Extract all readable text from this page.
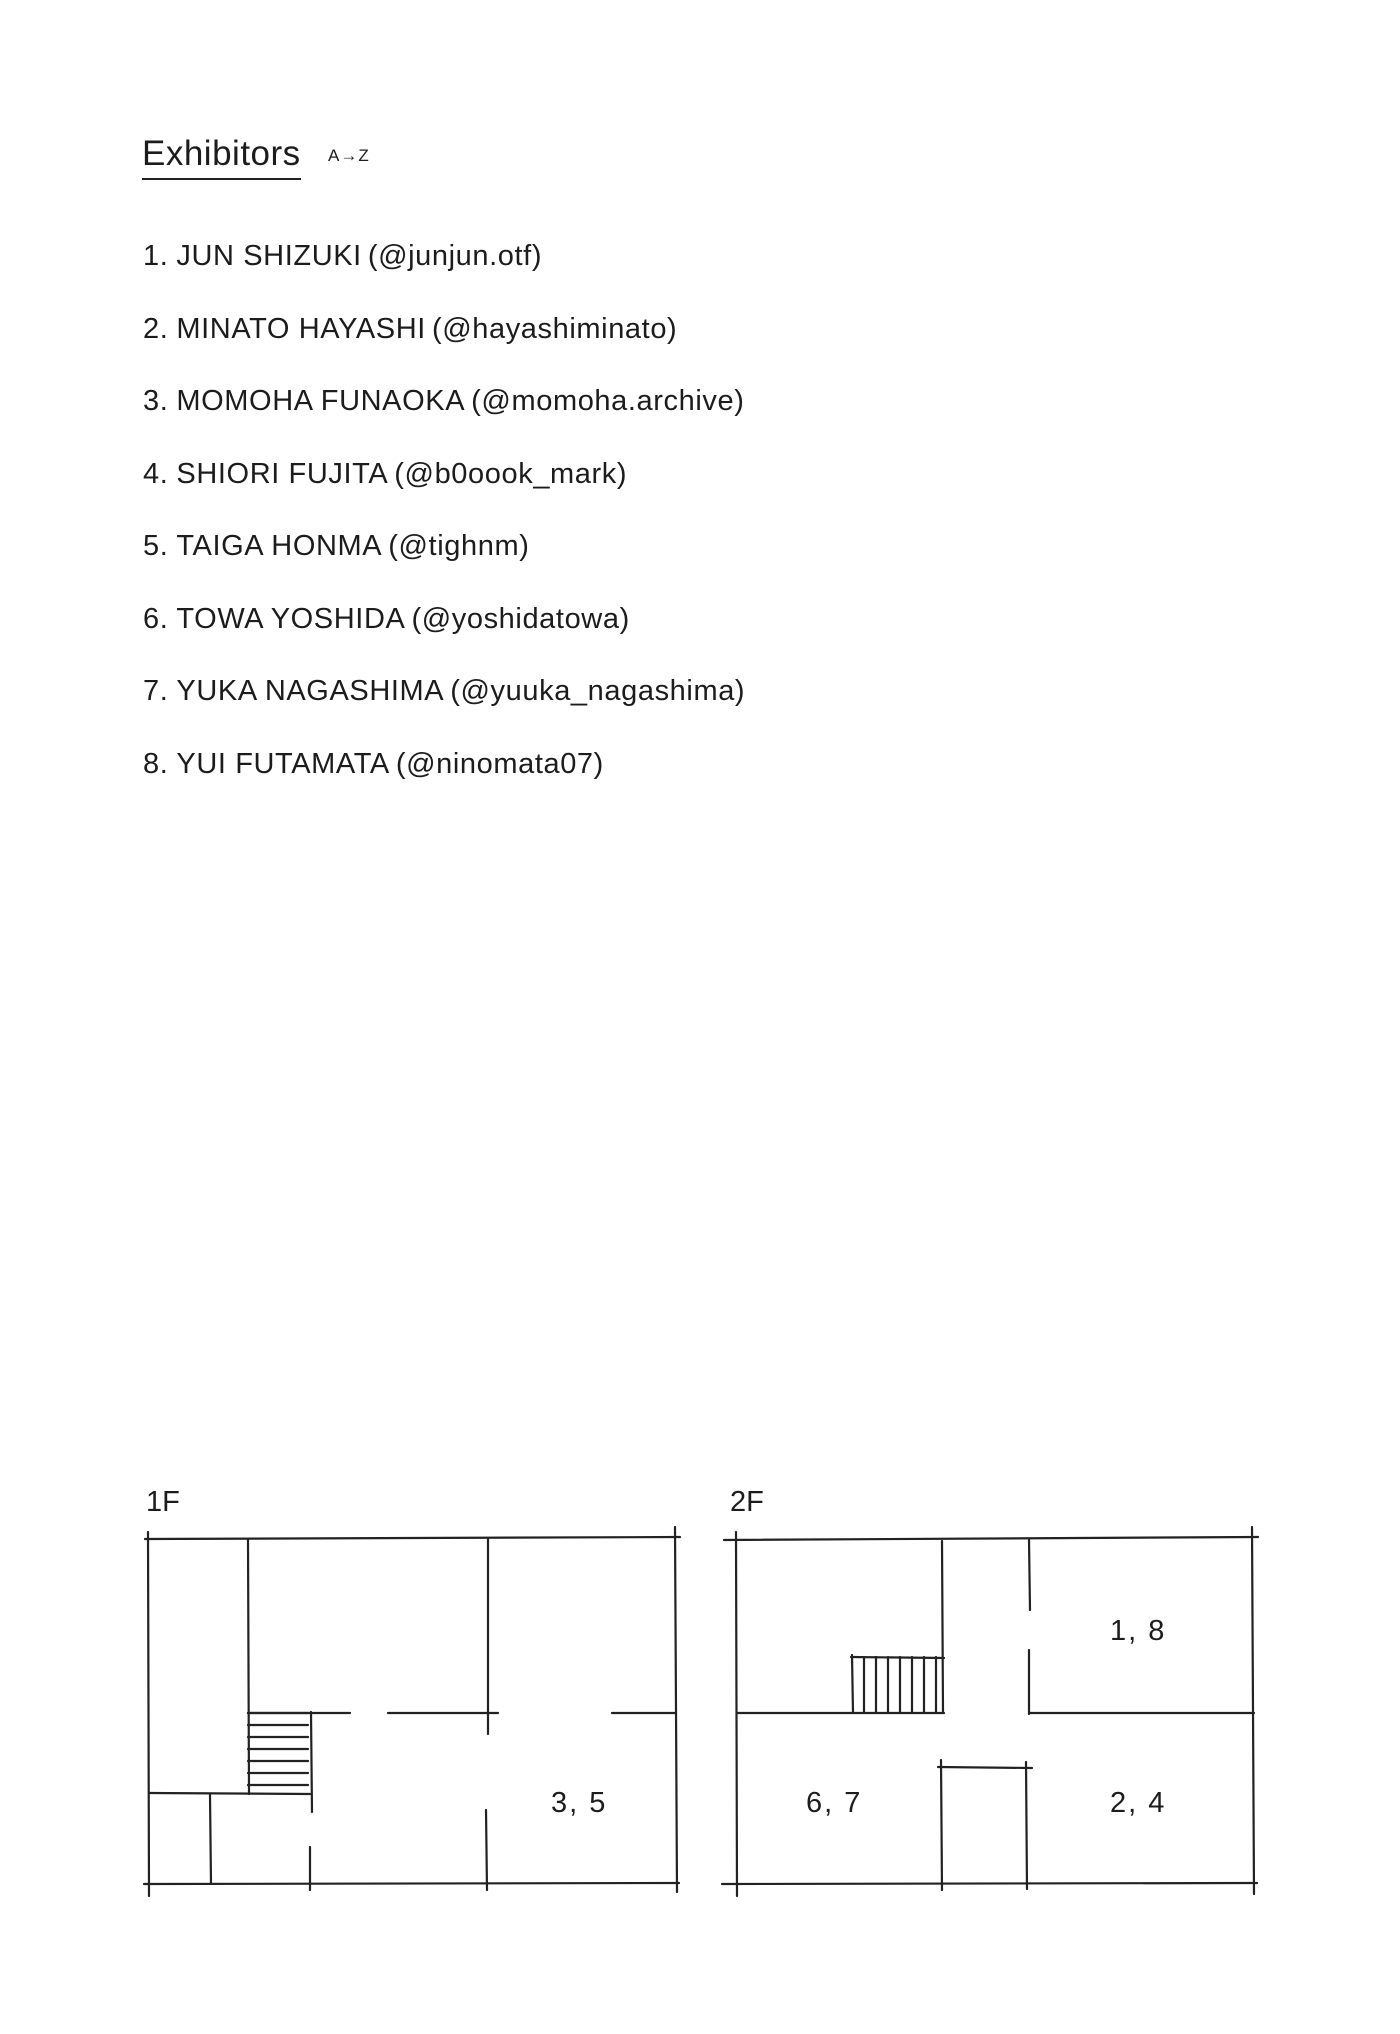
Exhibitors A→Z
1. JUN SHIZUKI (@junjun.otf)
2. MINATO HAYASHI (@hayashiminato)
3. MOMOHA FUNAOKA (@momoha.archive)
4. SHIORI FUJITA (@b0oook_mark)
5. TAIGA HONMA (@tighnm)
6. TOWA YOSHIDA (@yoshidatowa)
7. YUKA NAGASHIMA (@yuuka_nagashima)
8. YUI FUTAMATA (@ninomata07)
1F	2F
3, 5
1, 8
6, 7	2, 4
